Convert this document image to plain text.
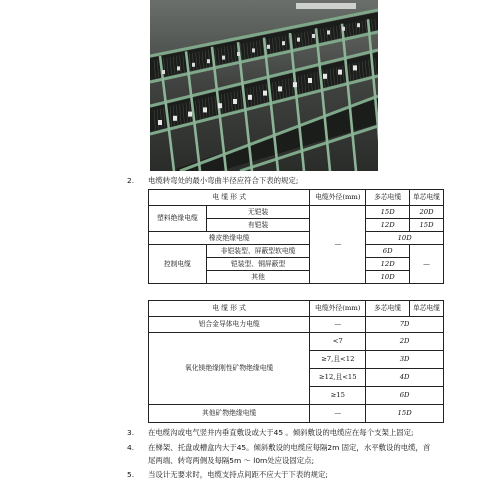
2. 电缆转弯处的最小弯曲半径应符合下表的规定;
电 缆 形 式		电缆外径(mm)	多芯电缆	单芯电缆
塑料绝缘电缆	无铠装	—	15D	20D
	有铠装		12D	15D
橡皮绝缘电缆			10D	
控制电缆	非铠装型、屏蔽型软电缆		6D	—
	铠装型、铜屏蔽型		12D	
	其他		10D	
电 缆 形 式	电缆外径(mm)	多芯电缆	单芯电缆
铝合金导体电力电缆	—	7D	
氧化镁绝缘刚性矿物绝缘电缆	<7	2D	
	≥7,且<12	3D	
	≥12,且<15	4D	
	≥15	6D	
其他矿物绝缘电缆	—	15D	
3. 在电缆沟或电气竖井内垂直敷设或大于45 。倾斜敷设的电缆应在每个支架上固定;
4. 在梯架、托盘或槽盒内大于45。倾斜敷设的电缆应每隔2m 固定，水平敷设的电缆，首
尾两端、转弯两侧及每隔5m ～ l0m处应设固定点;
5. 当设计无要求时，电缆支持点间距不应大于下表的规定;
